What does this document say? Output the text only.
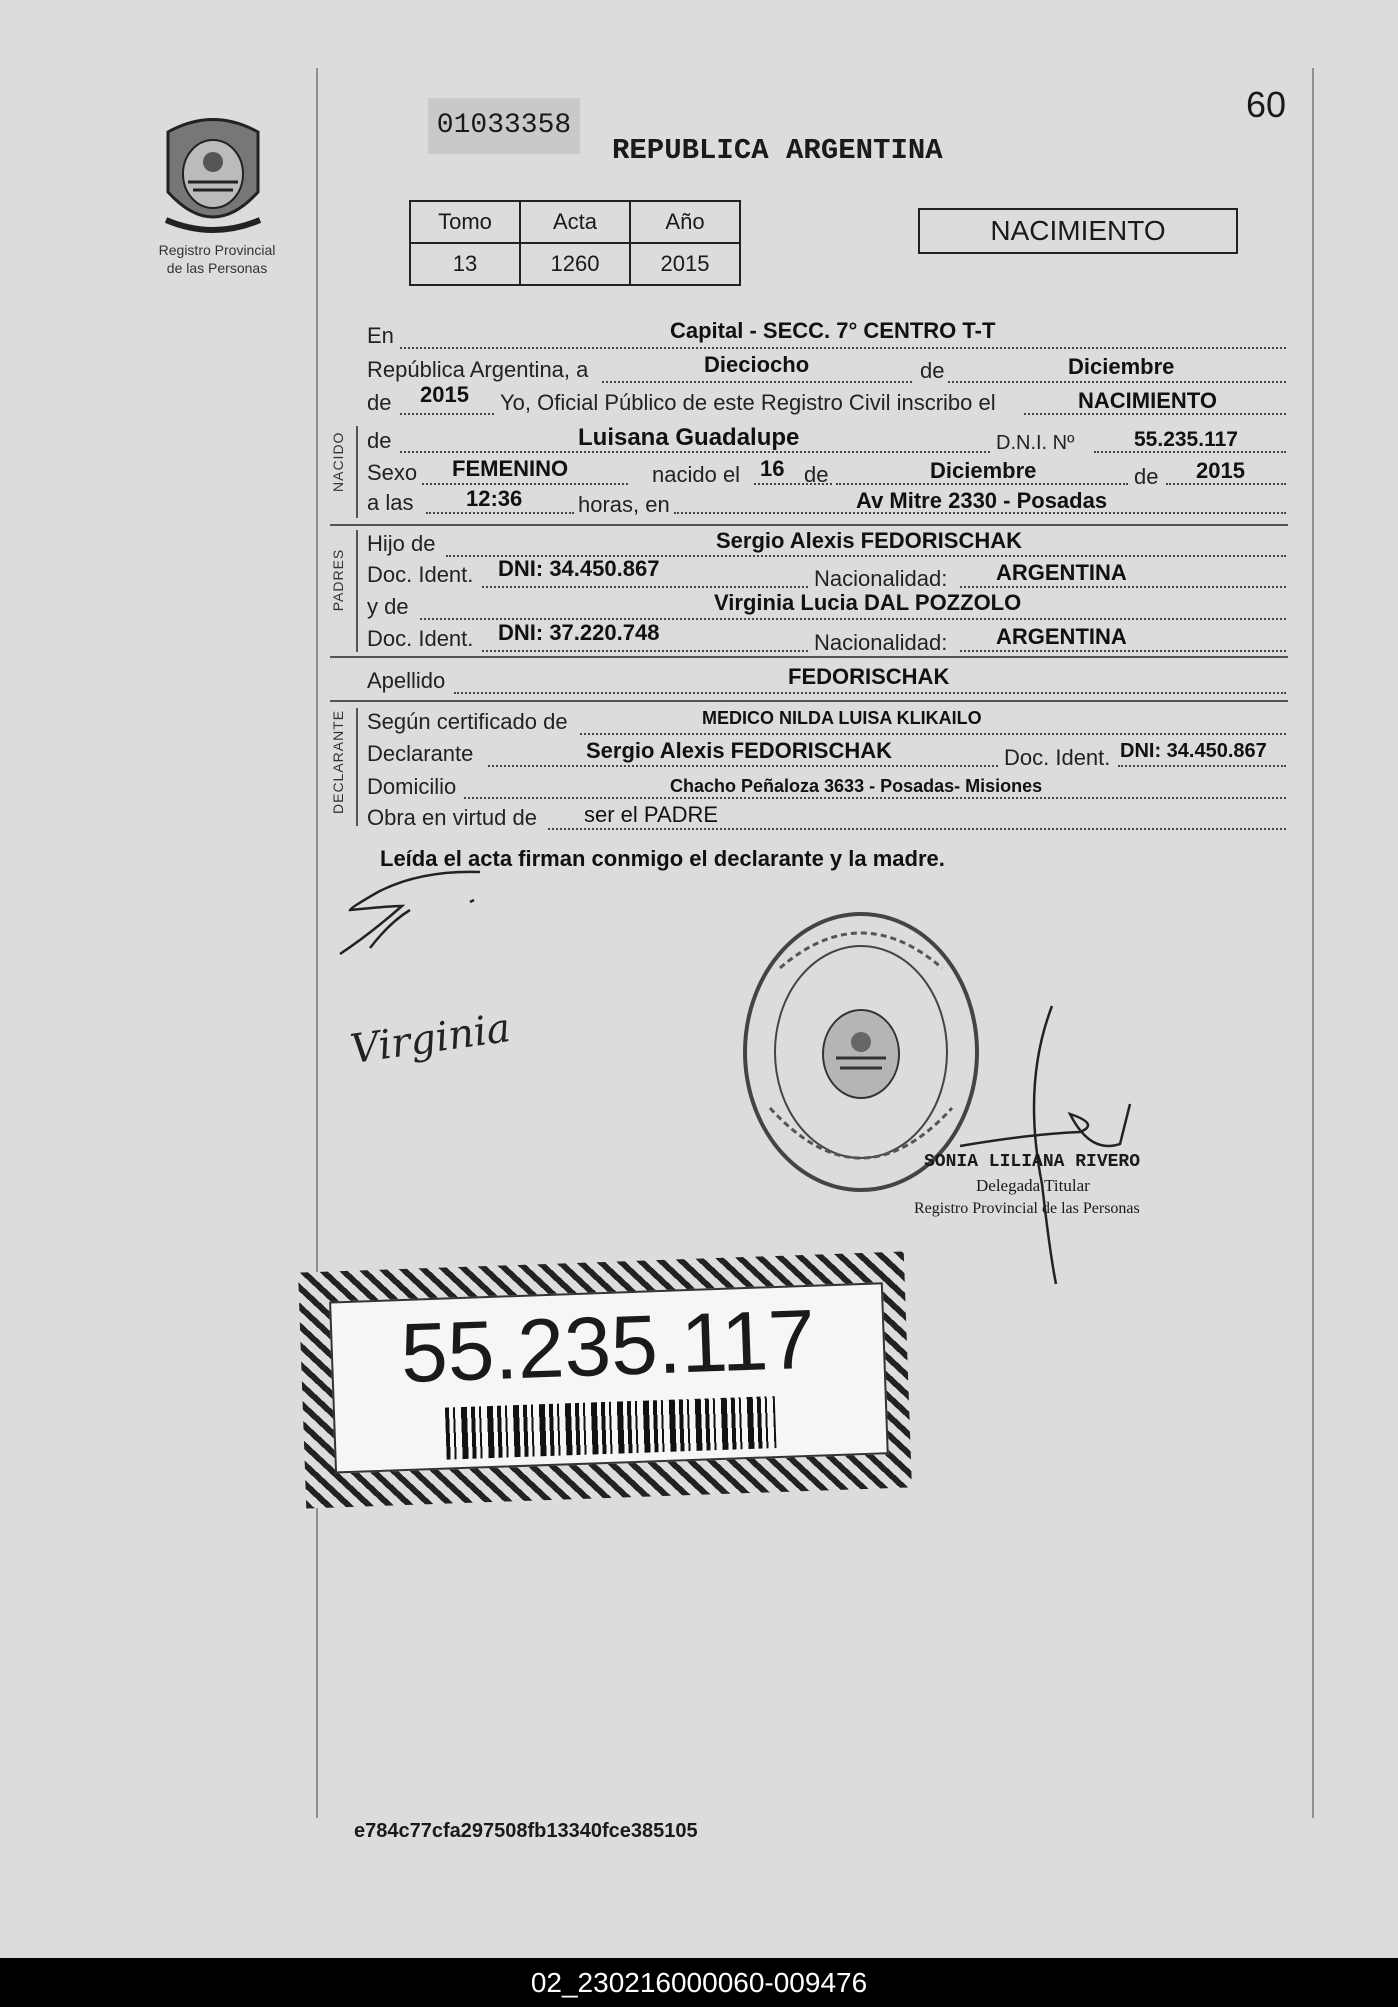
Registro Provincial
de las Personas
01033358
REPUBLICA ARGENTINA
60
Tomo	Acta	Año
13	1260	2015
NACIMIENTO
NACIDO
PADRES
DECLARANTE
En	Capital - SECC. 7° CENTRO T-T
República Argentina, a	Dieciocho	de	Diciembre
de 2015 Yo, Oficial Público de este Registro Civil inscribo el	NACIMIENTO
de	Luisana Guadalupe	D.N.I. Nº	55.235.117
Sexo FEMENINO	nacido el 16 de	Diciembre	de 2015
a las 12:36	horas, en	Av Mitre 2330 - Posadas
Hijo de	Sergio Alexis FEDORISCHAK
Doc. Ident. DNI: 34.450.867	Nacionalidad: ARGENTINA
y de	Virginia Lucia DAL POZZOLO
Doc. Ident. DNI: 37.220.748	Nacionalidad: ARGENTINA
Apellido	FEDORISCHAK
Según certificado de	MEDICO NILDA LUISA KLIKAILO
Declarante	Sergio Alexis FEDORISCHAK	Doc. Ident. DNI: 34.450.867
Domicilio	Chacho Peñaloza 3633 - Posadas- Misiones
Obra en virtud de ser el PADRE
Leída el acta firman conmigo el declarante y la madre.
Virginia
SONIA LILIANA RIVERO
Delegada Titular
Registro Provincial de las Personas
55.235.117
e784c77cfa297508fb13340fce385105
02_230216000060-009476
